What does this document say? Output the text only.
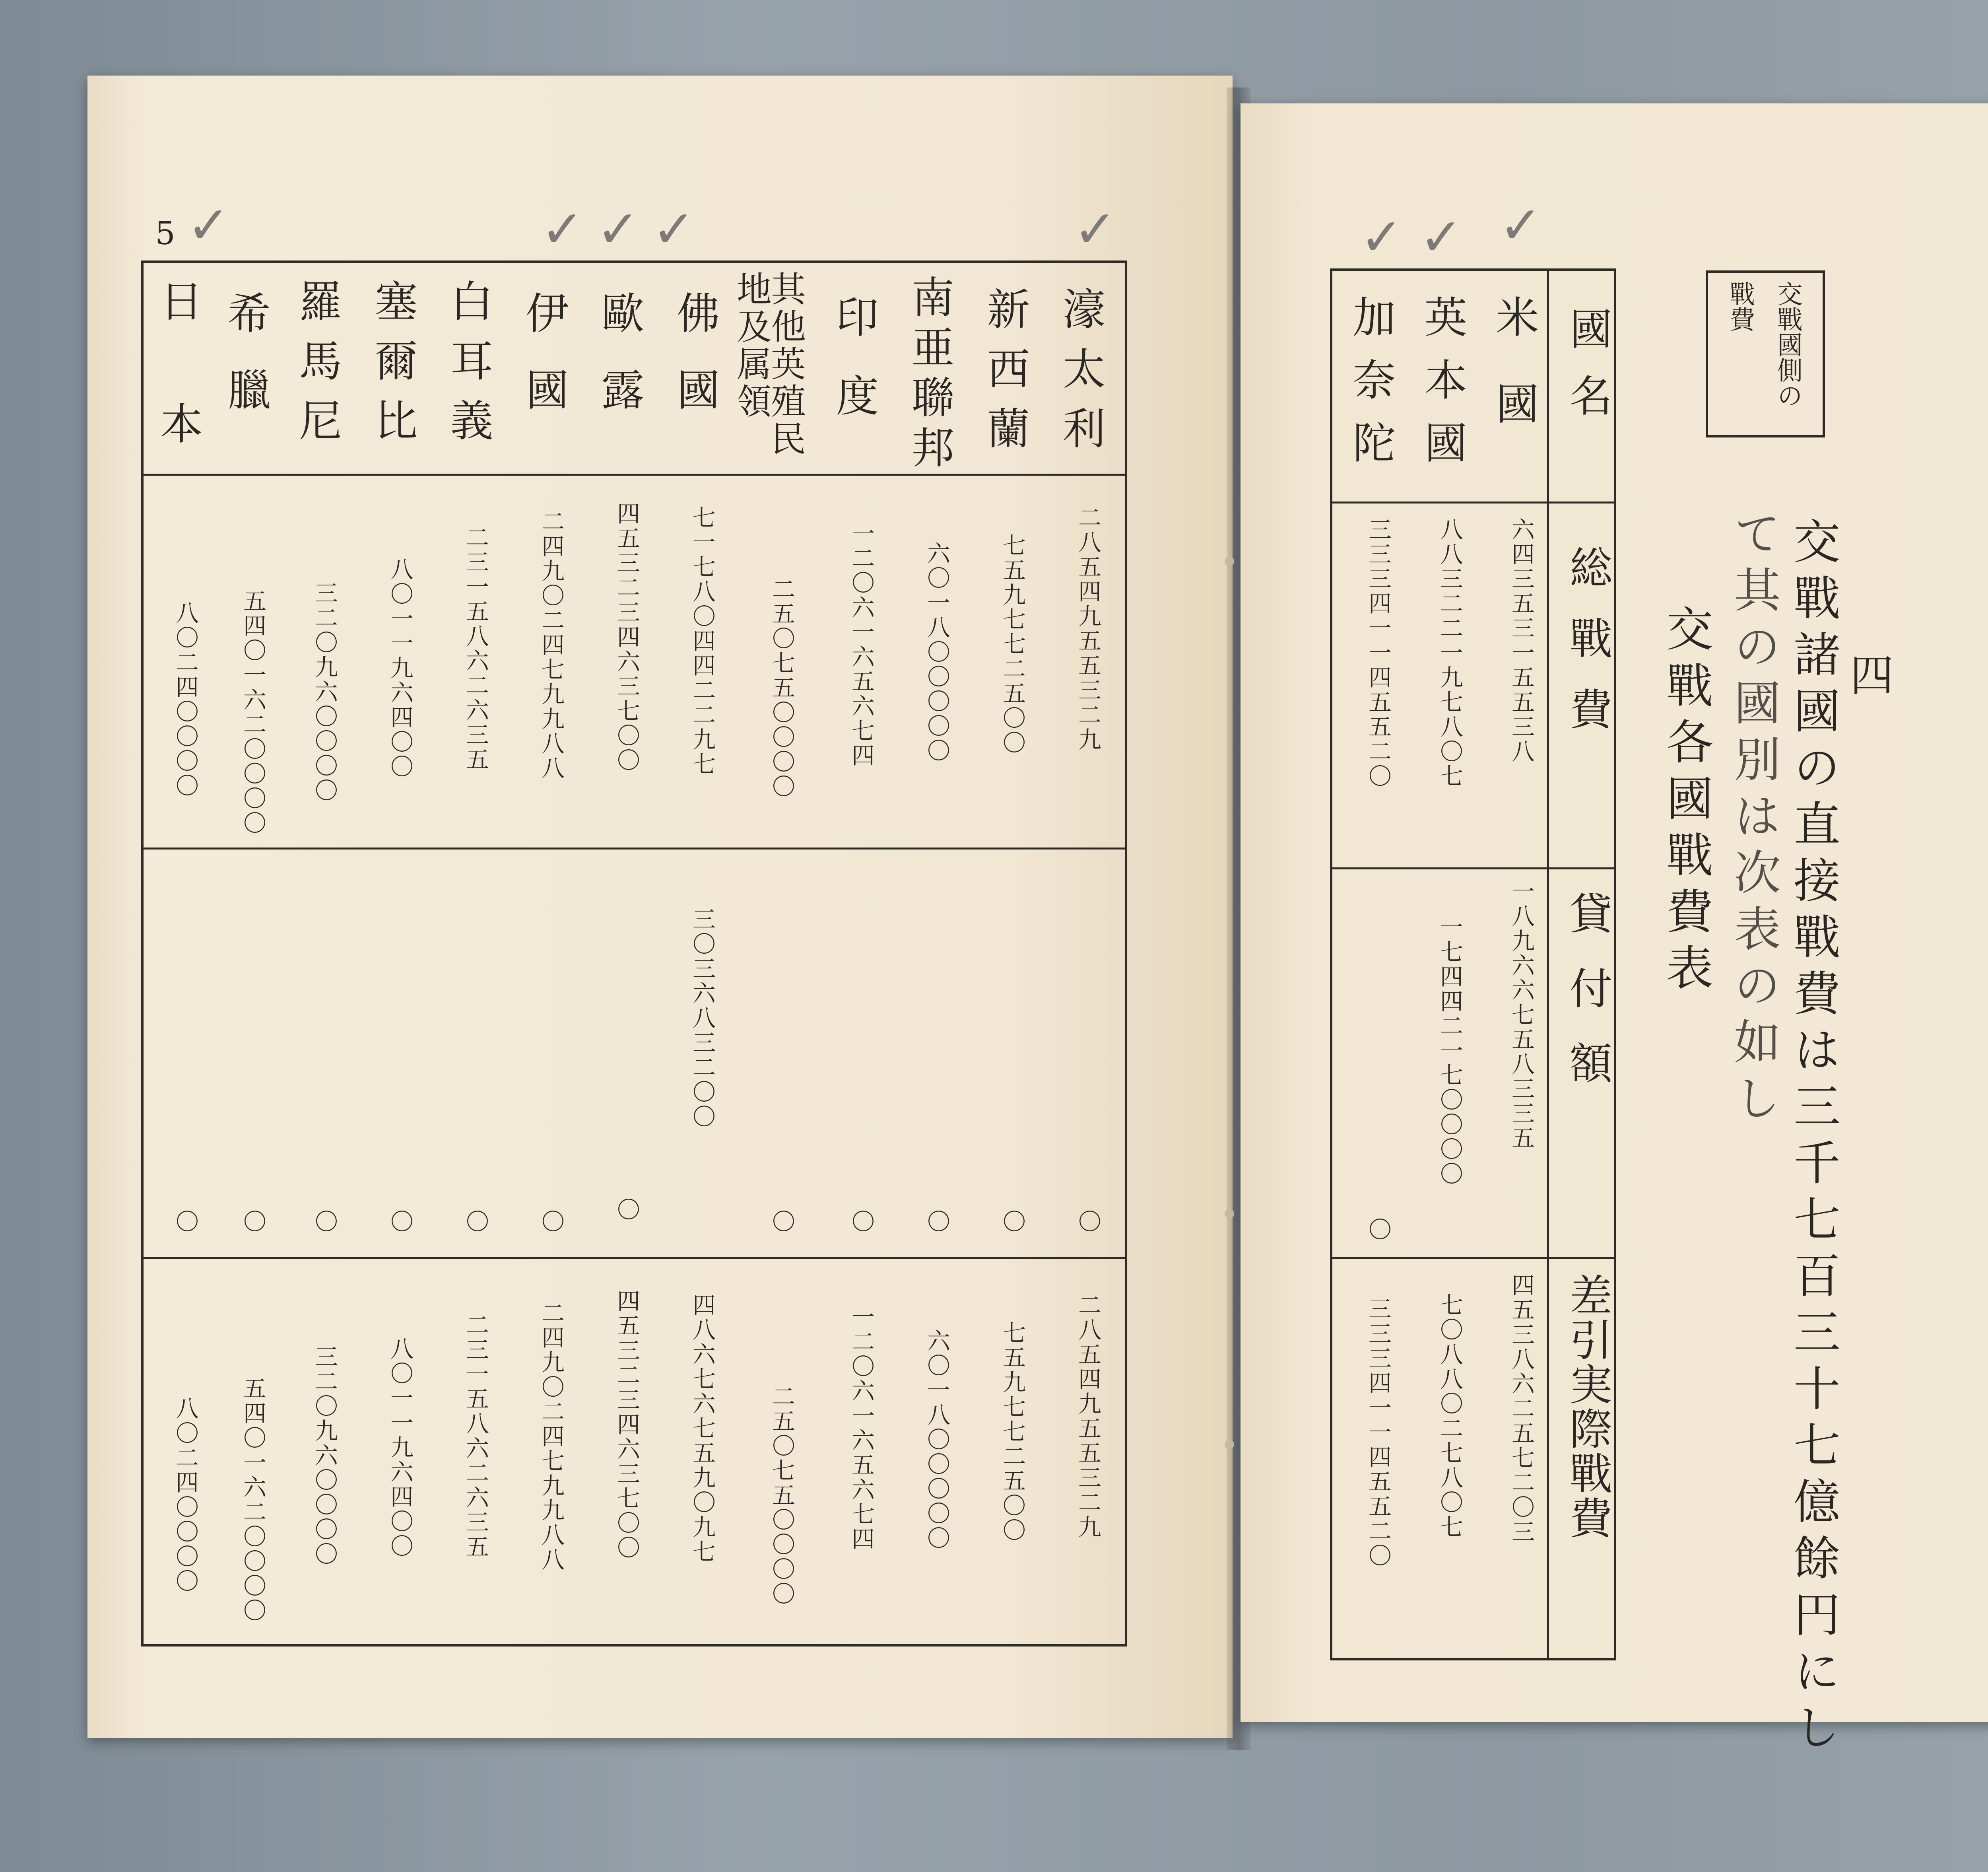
5 ✓	✓ ✓ ✓	✓
濠太利
二八五四九五五三二九
〇
二八五四九五五三二九
新西蘭
七五九七七二五〇〇
〇
七五九七七二五〇〇
南亜聯邦
六〇一八〇〇〇〇〇
〇
六〇一八〇〇〇〇〇
印度
一二〇六一六五六七四
〇
一二〇六一六五六七四
其他英殖民地及属領
二五〇七五〇〇〇〇
〇
二五〇七五〇〇〇〇
佛國
七一七八〇四四二二九七
三〇三六八三二〇〇
四八六七六七五九〇九七
歐露
四五三二三四六三七〇〇
〇
四五三二三四六三七〇〇
伊國
二四九〇二四七九九八八
〇
二四九〇二四七九九八八
白耳義
二三一五八六二六三五
〇
二三一五八六二六三五
塞爾比
八〇一一九六四〇〇
〇
八〇一一九六四〇〇
羅馬尼
三二〇九六〇〇〇〇
〇
三二〇九六〇〇〇〇
希臘
五四〇一六二〇〇〇〇
〇
五四〇一六二〇〇〇〇
日本
八〇二四〇〇〇〇
〇
八〇二四〇〇〇〇
✓ ✓ ✓
國名
総戰費
貸付額
差引実際戰費
米國
六四三五三一五五三八
一八九六六七五八三三五
四五三八六二五七二〇三
英本國
八八三二二一九七八〇七
一七四四二一七〇〇〇〇
七〇八八〇二七八〇七
加奈陀
三三三四一一四五五二〇
〇
三三三四一一四五五二〇
交戰國側の戰費
四
交戰諸國の直接戰費は三千七百三十七億餘円にし
て其の國別は次表の如し
交戰各國戰費表
